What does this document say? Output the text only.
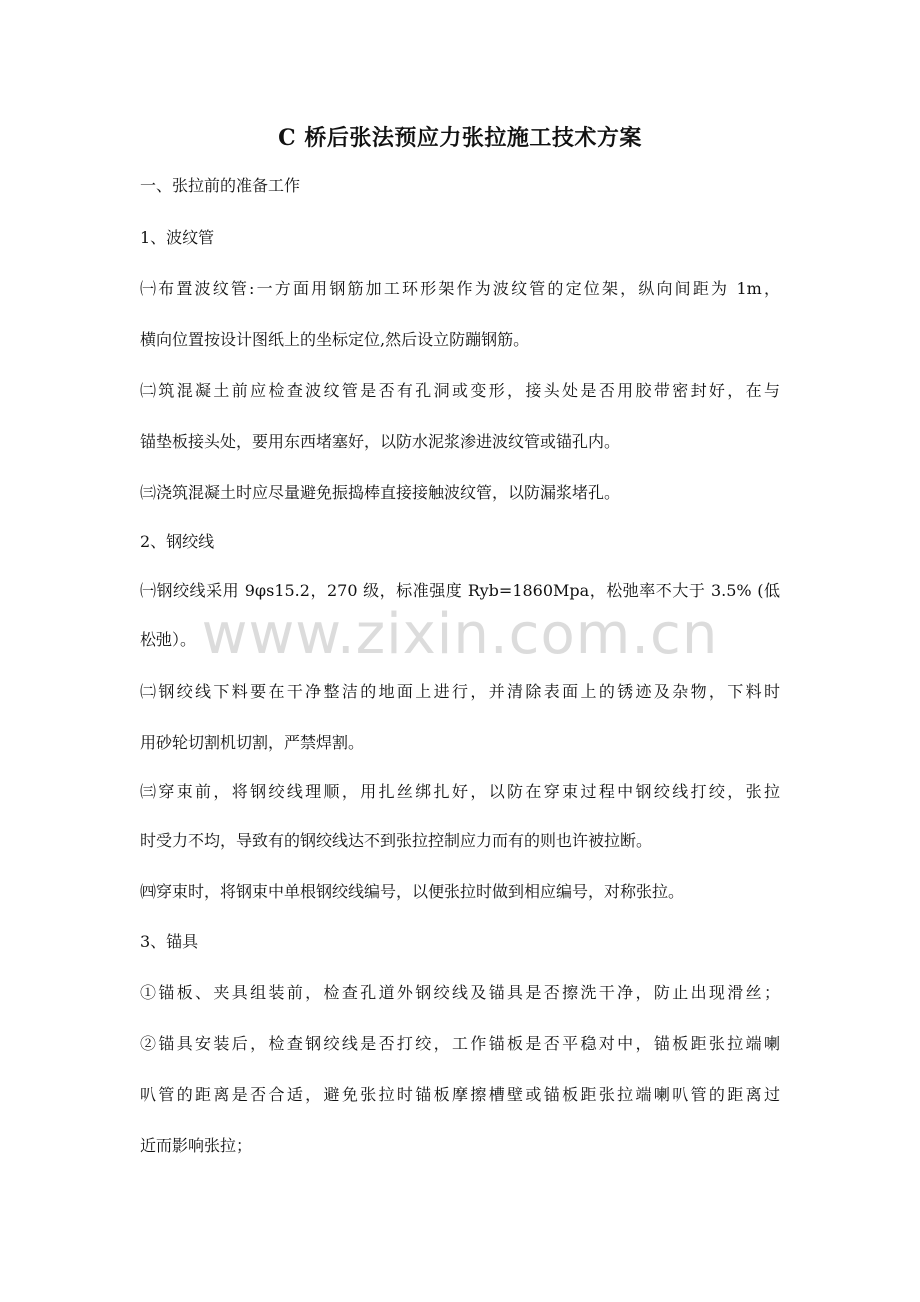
C 桥后张法预应力张拉施工技术方案
一、张拉前的准备工作
1、波纹管
㈠布置波纹管:一方面用钢筋加工环形架作为波纹管的定位架，纵向间距为 1m，
横向位置按设计图纸上的坐标定位,然后设立防蹦钢筋。
㈡筑混凝土前应检查波纹管是否有孔洞或变形，接头处是否用胶带密封好，在与
锚垫板接头处，要用东西堵塞好，以防水泥浆渗进波纹管或锚孔内。
㈢浇筑混凝土时应尽量避免振捣棒直接接触波纹管，以防漏浆堵孔。
2、钢绞线
㈠钢绞线采用 9φs15.2，270 级，标准强度 Ryb=1860Mpa，松弛率不大于 3.5% (低
松弛）。
㈡钢绞线下料要在干净整洁的地面上进行，并清除表面上的锈迹及杂物，下料时
用砂轮切割机切割，严禁焊割。
㈢穿束前，将钢绞线理顺，用扎丝绑扎好，以防在穿束过程中钢绞线打绞，张拉
时受力不均，导致有的钢绞线达不到张拉控制应力而有的则也许被拉断。
㈣穿束时，将钢束中单根钢绞线编号，以便张拉时做到相应编号，对称张拉。
3、锚具
①锚板、夹具组装前，检查孔道外钢绞线及锚具是否擦洗干净，防止出现滑丝；
②锚具安装后，检查钢绞线是否打绞，工作锚板是否平稳对中，锚板距张拉端喇
叭管的距离是否合适，避免张拉时锚板摩擦槽壁或锚板距张拉端喇叭管的距离过
近而影响张拉；
www.zixin.com.cn
